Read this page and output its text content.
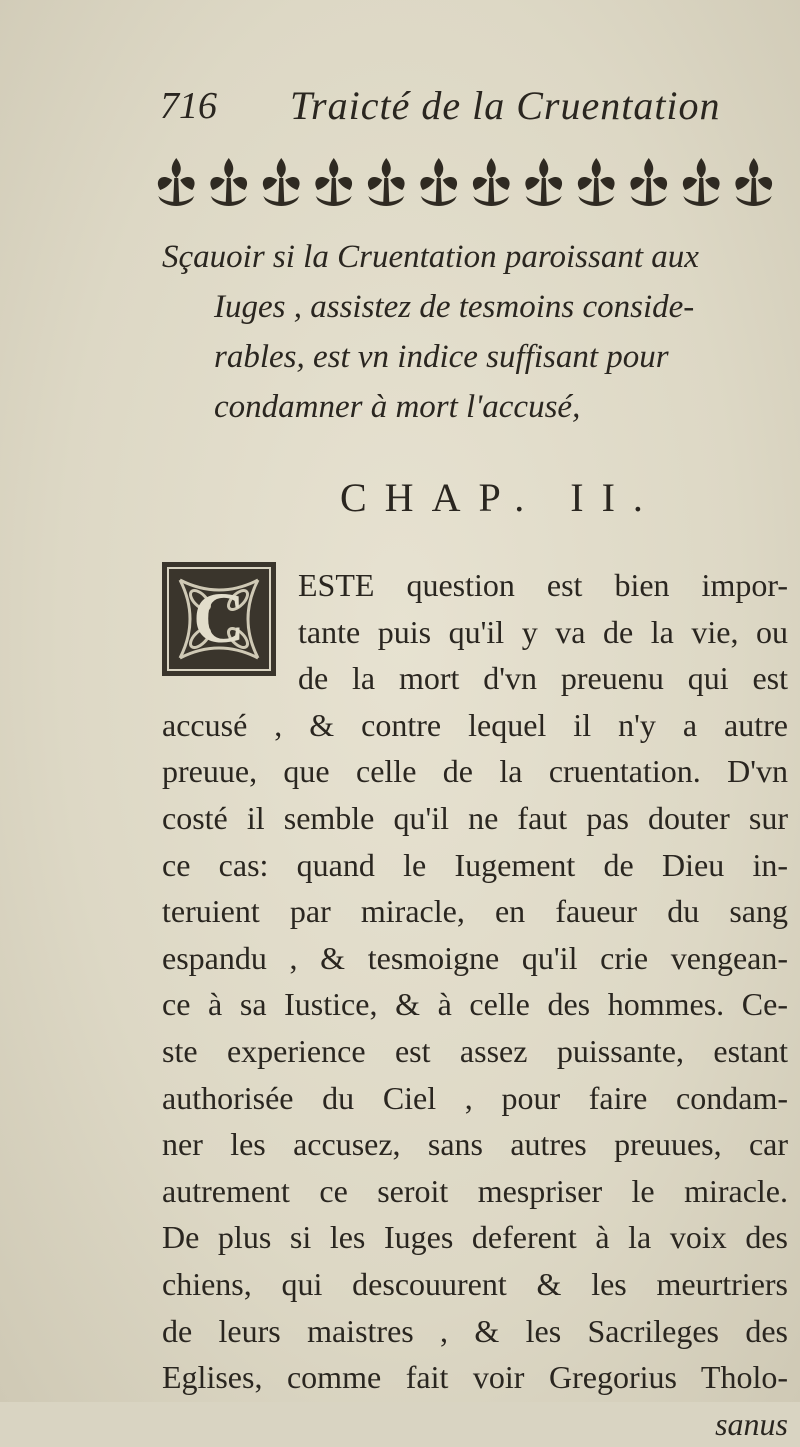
716 Traicté de la Cruentation
Sçauoir si la Cruentation paroissant aux
Iuges , assistez de tesmoins conside-
rables, est vn indice suffisant pour
condamner à mort l'accusé,
CHAP. II.
C	ESTE question est bien impor-
tante puis qu'il y va de la vie, ou
de la mort d'vn preuenu qui est
accusé , & contre lequel il n'y a autre
preuue, que celle de la cruentation. D'vn
costé il semble qu'il ne faut pas douter sur
ce cas: quand le Iugement de Dieu in-
teruient par miracle, en faueur du sang
espandu , & tesmoigne qu'il crie vengean-
ce à sa Iustice, & à celle des hommes. Ce-
ste experience est assez puissante, estant
authorisée du Ciel , pour faire condam-
ner les accusez, sans autres preuues, car
autrement ce seroit mespriser le miracle.
De plus si les Iuges deferent à la voix des
chiens, qui descouurent & les meurtriers
de leurs maistres , & les Sacrileges des
Eglises, comme fait voir Gregorius Tholo-
sanus
